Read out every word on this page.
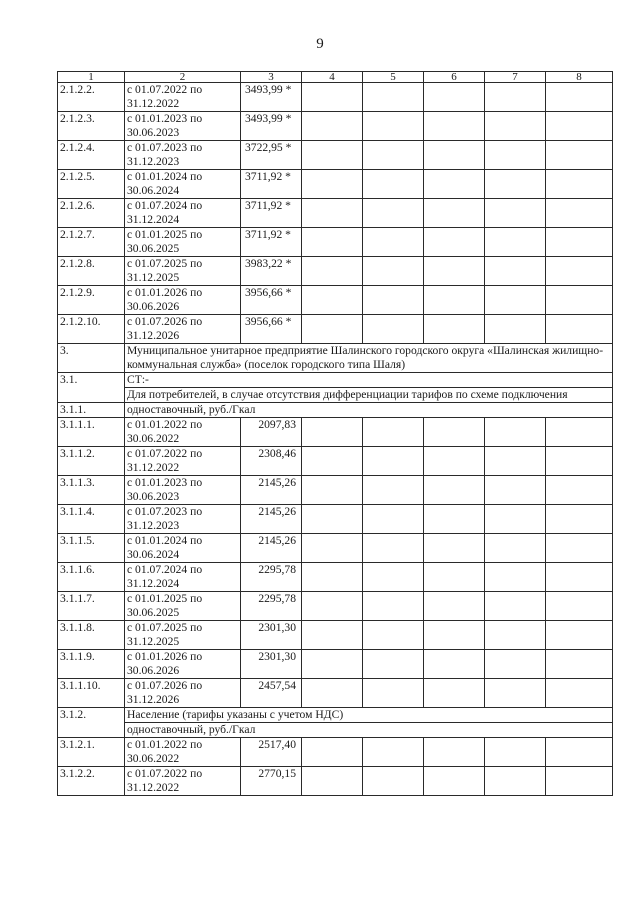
9
1	2	3	4	5	6	7	8
2.1.2.2.	с 01.07.2022 по 31.12.2022	3493,99 *					
2.1.2.3.	с 01.01.2023 по 30.06.2023	3493,99 *					
2.1.2.4.	с 01.07.2023 по 31.12.2023	3722,95 *					
2.1.2.5.	с 01.01.2024 по 30.06.2024	3711,92 *					
2.1.2.6.	с 01.07.2024 по 31.12.2024	3711,92 *					
2.1.2.7.	с 01.01.2025 по 30.06.2025	3711,92 *					
2.1.2.8.	с 01.07.2025 по 31.12.2025	3983,22 *					
2.1.2.9.	с 01.01.2026 по 30.06.2026	3956,66 *					
2.1.2.10.	с 01.07.2026 по 31.12.2026	3956,66 *					
3.	Муниципальное унитарное предприятие Шалинского городского округа «Шалинская жилищно-коммунальная служба» (поселок городского типа Шаля)						
3.1.	СТ:-						
	Для потребителей, в случае отсутствия дифференциации тарифов по схеме подключения						
3.1.1.	одноставочный, руб./Гкал						
3.1.1.1.	с 01.01.2022 по 30.06.2022	2097,83					
3.1.1.2.	с 01.07.2022 по 31.12.2022	2308,46					
3.1.1.3.	с 01.01.2023 по 30.06.2023	2145,26					
3.1.1.4.	с 01.07.2023 по 31.12.2023	2145,26					
3.1.1.5.	с 01.01.2024 по 30.06.2024	2145,26					
3.1.1.6.	с 01.07.2024 по 31.12.2024	2295,78					
3.1.1.7.	с 01.01.2025 по 30.06.2025	2295,78					
3.1.1.8.	с 01.07.2025 по 31.12.2025	2301,30					
3.1.1.9.	с 01.01.2026 по 30.06.2026	2301,30					
3.1.1.10.	с 01.07.2026 по 31.12.2026	2457,54					
3.1.2.	Население (тарифы указаны с учетом НДС)						
	одноставочный, руб./Гкал						
3.1.2.1.	с 01.01.2022 по 30.06.2022	2517,40					
3.1.2.2.	с 01.07.2022 по 31.12.2022	2770,15					
